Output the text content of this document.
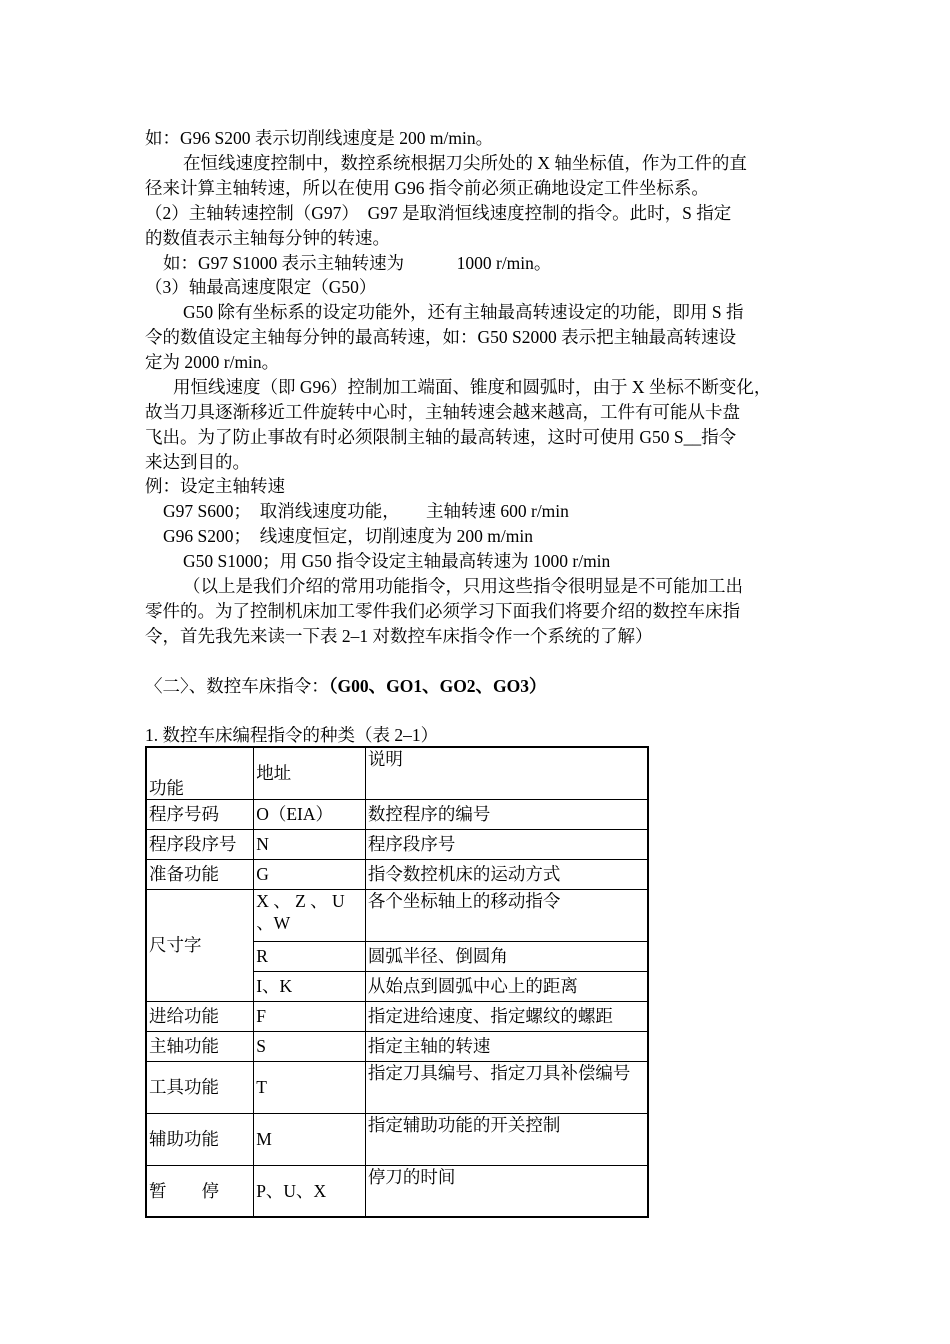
如：G96 S200 表示切削线速度是 200 m/min。
在恒线速度控制中，数控系统根据刀尖所处的 X 轴坐标值，作为工件的直
径来计算主轴转速，所以在使用 G96 指令前必须正确地设定工件坐标系。
（2）主轴转速控制（G97）　G97 是取消恒线速度控制的指令。此时，S 指定
的数值表示主轴每分钟的转速。
如：G97 S1000 表示主轴转速为　　　1000 r/min。
（3）轴最高速度限定（G50）
G50 除有坐标系的设定功能外，还有主轴最高转速设定的功能，即用 S 指
令的数值设定主轴每分钟的最高转速，如：G50 S2000 表示把主轴最高转速设
定为 2000 r/min。
用恒线速度（即 G96）控制加工端面、锥度和圆弧时，由于 X 坐标不断变化，
故当刀具逐渐移近工件旋转中心时，主轴转速会越来越高，工件有可能从卡盘
飞出。为了防止事故有时必须限制主轴的最高转速，这时可使用 G50 S__指令
来达到目的。
例：设定主轴转速
G97 S600；　取消线速度功能，　　主轴转速 600 r/min
G96 S200；　线速度恒定，切削速度为 200 m/min
G50 S1000；用 G50 指令设定主轴最高转速为 1000 r/min
（以上是我们介绍的常用功能指令，只用这些指令很明显是不可能加工出
零件的。为了控制机床加工零件我们必须学习下面我们将要介绍的数控车床指
令，首先我先来读一下表 2–1 对数控车床指令作一个系统的了解）
〈二〉、数控车床指令：（G00、GO1、GO2、GO3）
1. 数控车床编程指令的种类（表 2–1）
功能	地址	说明
程序号码	O（EIA）	数控程序的编号
程序段序号	N	程序段序号
准备功能	G	指令数控机床的运动方式
尺寸字	X 、 Z 、 U 、W	各个坐标轴上的移动指令
	R	圆弧半径、倒圆角
	I、K	从始点到圆弧中心上的距离
进给功能	F	指定进给速度、指定螺纹的螺距
主轴功能	S	指定主轴的转速
工具功能	T	指定刀具编号、指定刀具补偿编号
辅助功能	M	指定辅助功能的开关控制
暂　　停	P、U、X	停刀的时间
